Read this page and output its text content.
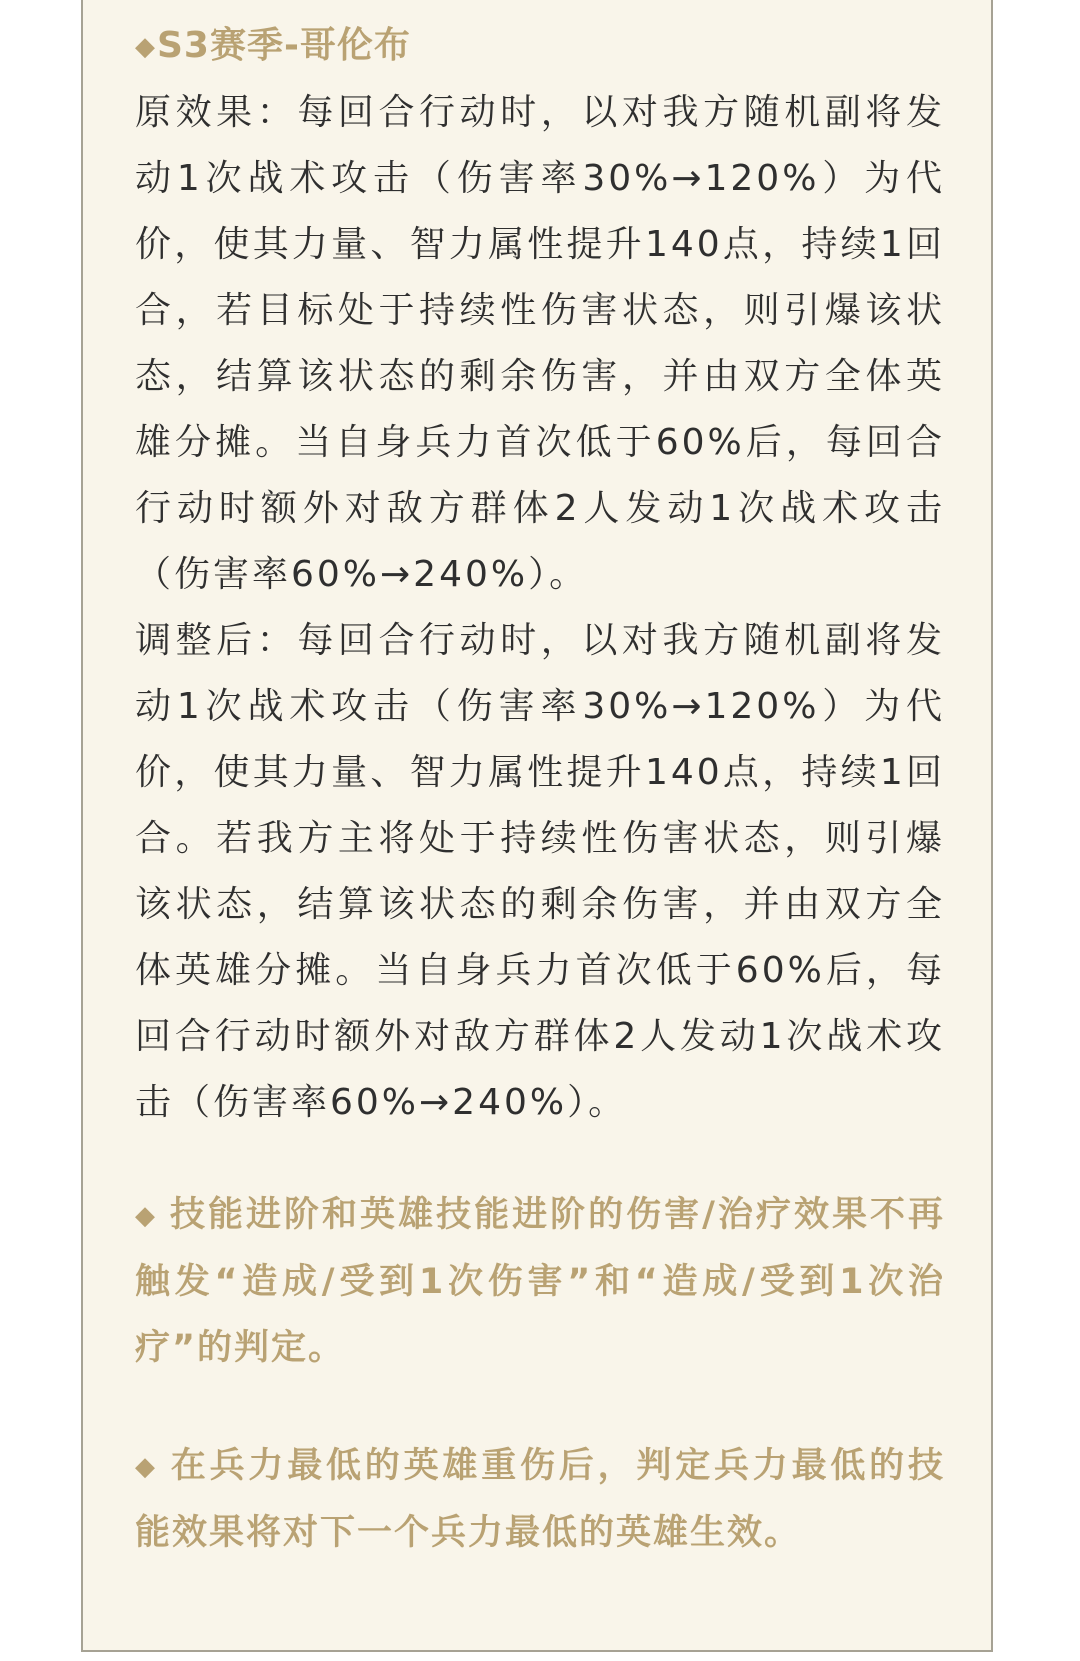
◆S3赛季-哥伦布

原效果：每回合行动时，以对我方随机副将发动1次战术攻击（伤害率30%→120%）为代价，使其力量、智力属性提升140点，持续1回合，若目标处于持续性伤害状态，则引爆该状态，结算该状态的剩余伤害，并由双方全体英雄分摊。当自身兵力首次低于60%后，每回合行动时额外对敌方群体2人发动1次战术攻击（伤害率60%→240%）。

调整后：每回合行动时，以对我方随机副将发动1次战术攻击（伤害率30%→120%）为代价，使其力量、智力属性提升140点，持续1回合。若我方主将处于持续性伤害状态，则引爆该状态，结算该状态的剩余伤害，并由双方全体英雄分摊。当自身兵力首次低于60%后，每回合行动时额外对敌方群体2人发动1次战术攻击（伤害率60%→240%）。

◆ 技能进阶和英雄技能进阶的伤害/治疗效果不再触发“造成/受到1次伤害”和“造成/受到1次治疗”的判定。

◆ 在兵力最低的英雄重伤后，判定兵力最低的技能效果将对下一个兵力最低的英雄生效。
